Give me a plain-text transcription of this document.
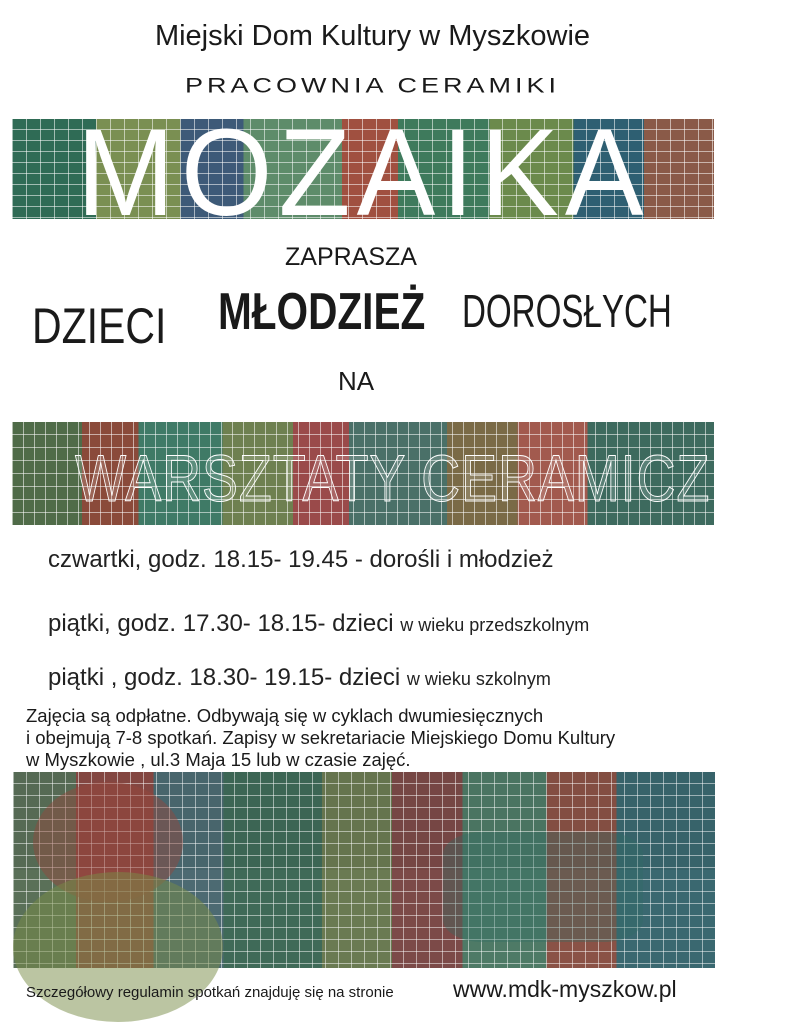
Miejski Dom Kultury w Myszkowie
PRACOWNIA CERAMIKI
MOZAIKA
ZAPRASZA
DZIECI MŁODZIEŻ DOROSŁYCH
NA
WARSZTATY CERAMICZNE
czwartki, godz. 18.15- 19.45 - dorośli i młodzież
piątki, godz. 17.30- 18.15- dzieci w wieku przedszkolnym
piątki , godz. 18.30- 19.15- dzieci w wieku szkolnym
Zajęcia są odpłatne. Odbywają się w cyklach dwumiesięcznych
i obejmują 7-8 spotkań. Zapisy w sekretariacie Miejskiego Domu Kultury
w Myszkowie , ul.3 Maja 15 lub w czasie zajęć.
Szczegółowy regulamin spotkań znajduję się na stronie	www.mdk-myszkow.pl
